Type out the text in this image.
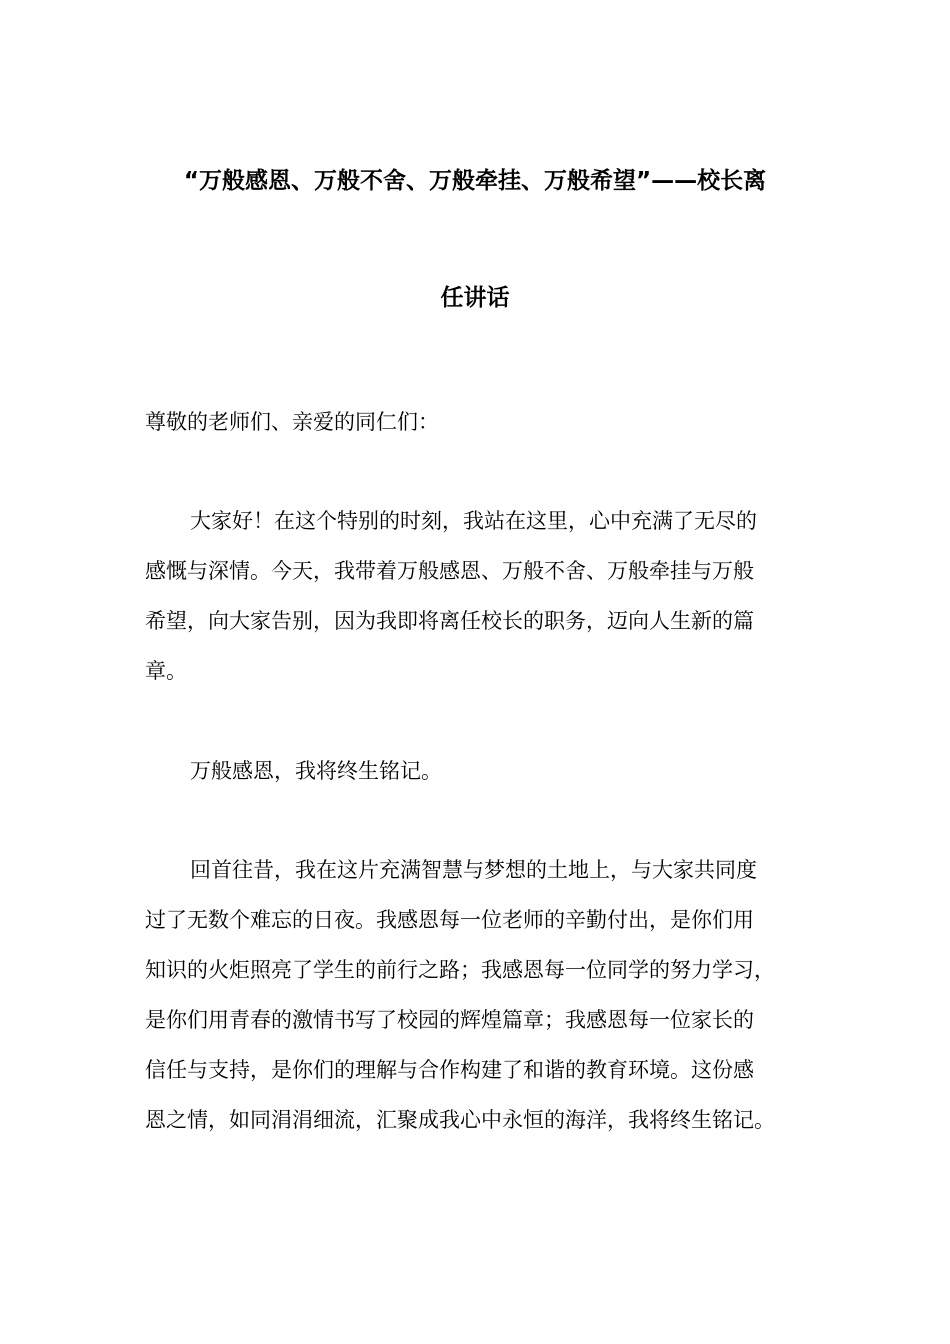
“万般感恩、万般不舍、万般牵挂、万般希望”——校长离
任讲话
尊敬的老师们、亲爱的同仁们：
大家好！在这个特别的时刻，我站在这里，心中充满了无尽的
感慨与深情。今天，我带着万般感恩、万般不舍、万般牵挂与万般
希望，向大家告别，因为我即将离任校长的职务，迈向人生新的篇
章。
万般感恩，我将终生铭记。
回首往昔，我在这片充满智慧与梦想的土地上，与大家共同度
过了无数个难忘的日夜。我感恩每一位老师的辛勤付出，是你们用
知识的火炬照亮了学生的前行之路；我感恩每一位同学的努力学习，
是你们用青春的激情书写了校园的辉煌篇章；我感恩每一位家长的
信任与支持，是你们的理解与合作构建了和谐的教育环境。这份感
恩之情，如同涓涓细流，汇聚成我心中永恒的海洋，我将终生铭记。
